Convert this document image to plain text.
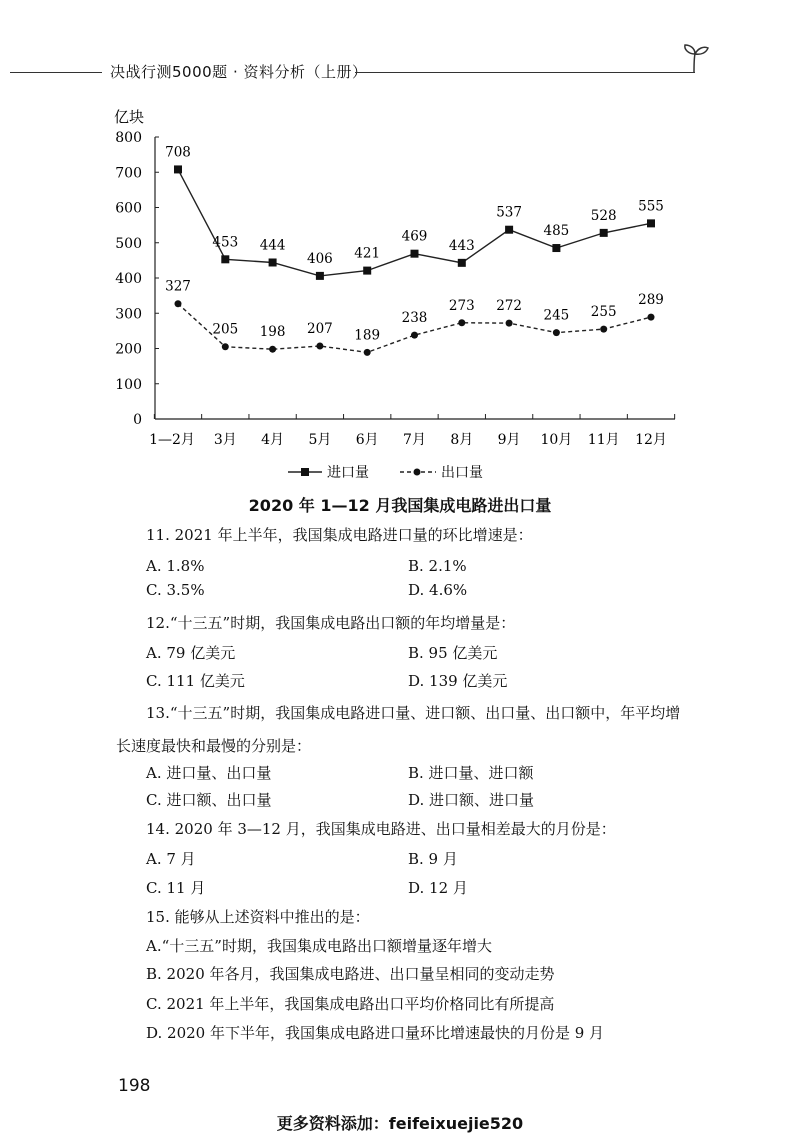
决战行测5000题 · 资料分析（上册）
亿块
0
100
200
300
400
500
600
700
800
1—2月 3月 4月 5月 6月 7月 8月 9月 10月 11月 12月
708
453 444
406 421
469
443
537
485
528
555
327
205 198 207 189
238
273 272
245 255
289
进口量	出口量
2020 年 1—12 月我国集成电路进出口量
11. 2021 年上半年，我国集成电路进口量的环比增速是：
A. 1.8%	B. 2.1%
C. 3.5%	D. 4.6%
12.“十三五”时期，我国集成电路出口额的年均增量是：
A. 79 亿美元	B. 95 亿美元
C. 111 亿美元	D. 139 亿美元
13.“十三五”时期，我国集成电路进口量、进口额、出口量、出口额中，年平均增长速度最快和最慢的分别是：
A. 进口量、出口量	B. 进口量、进口额
C. 进口额、出口量	D. 进口额、进口量
14. 2020 年 3—12 月，我国集成电路进、出口量相差最大的月份是：
A. 7 月	B. 9 月
C. 11 月	D. 12 月
15. 能够从上述资料中推出的是：
A.“十三五”时期，我国集成电路出口额增量逐年增大
B. 2020 年各月，我国集成电路进、出口量呈相同的变动走势
C. 2021 年上半年，我国集成电路出口平均价格同比有所提高
D. 2020 年下半年，我国集成电路进口量环比增速最快的月份是 9 月
198
更多资料添加：feifeixuejie520
